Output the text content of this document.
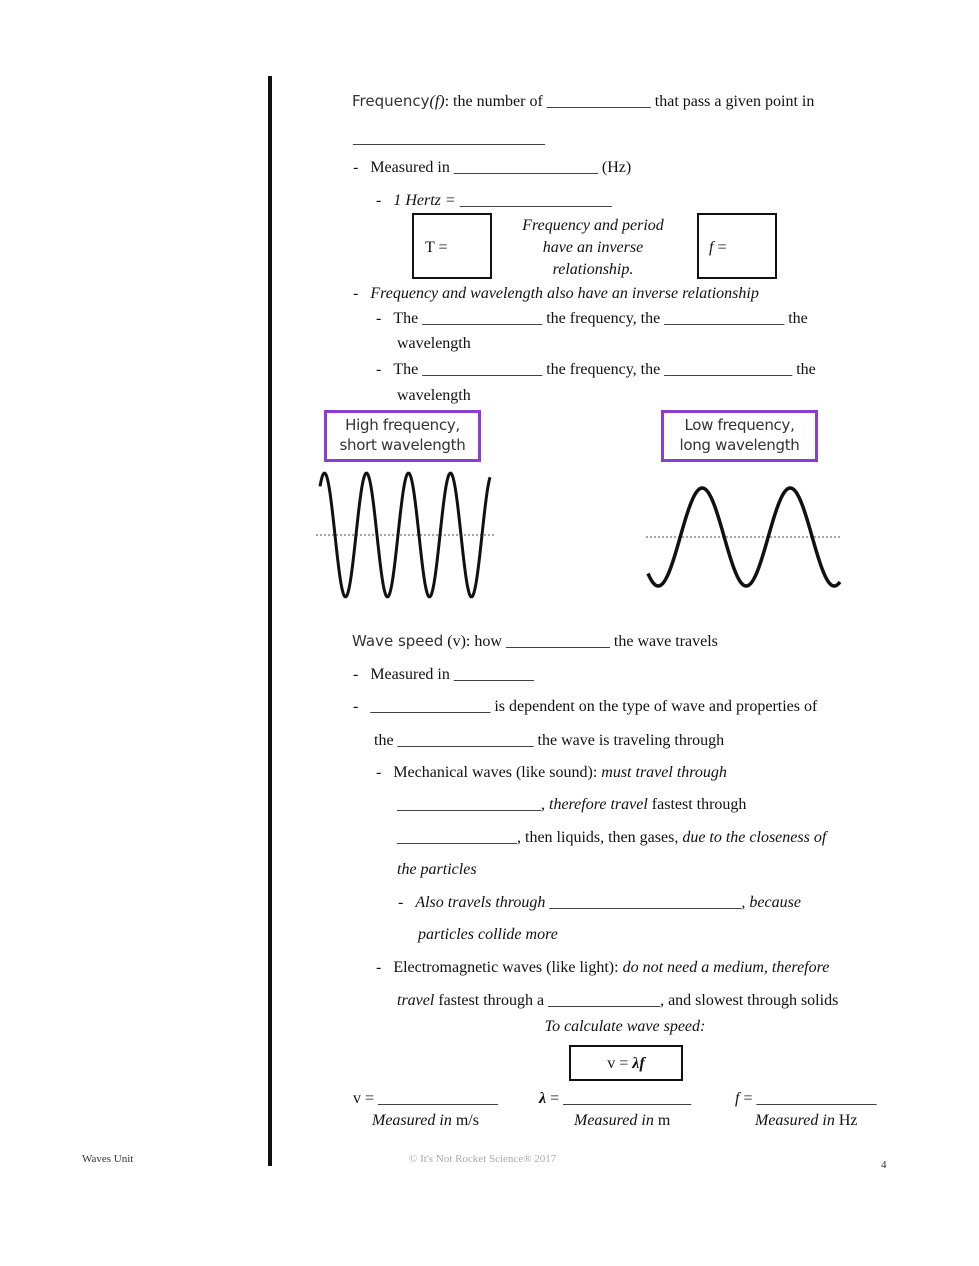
Frequency(f): the number of _____________ that pass a given point in
________________________
-   Measured in __________________ (Hz)
-   1 Hertz = ___________________
T =
Frequency and period
have an inverse
relationship.
f =
-   Frequency and wavelength also have an inverse relationship
-   The _______________ the frequency, the _______________ the
wavelength
-   The _______________ the frequency, the ________________ the
wavelength
High frequency,
short wavelength
Low frequency,
long wavelength
Wave speed (v): how _____________ the wave travels
-   Measured in __________
-   _______________ is dependent on the type of wave and properties of
the _________________ the wave is traveling through
-   Mechanical waves (like sound): must travel through
__________________, therefore travel fastest through
_______________, then liquids, then gases, due to the closeness of
the particles
-   Also travels through ________________________, because
particles collide more
-   Electromagnetic waves (like light): do not need a medium, therefore
travel fastest through a ______________, and slowest through solids
To calculate wave speed:
v = λf
v = _______________	λ = ________________	f = _______________
Measured in m/s	Measured in m	Measured in Hz
Waves Unit	© It's Not Rocket Science® 2017	4
